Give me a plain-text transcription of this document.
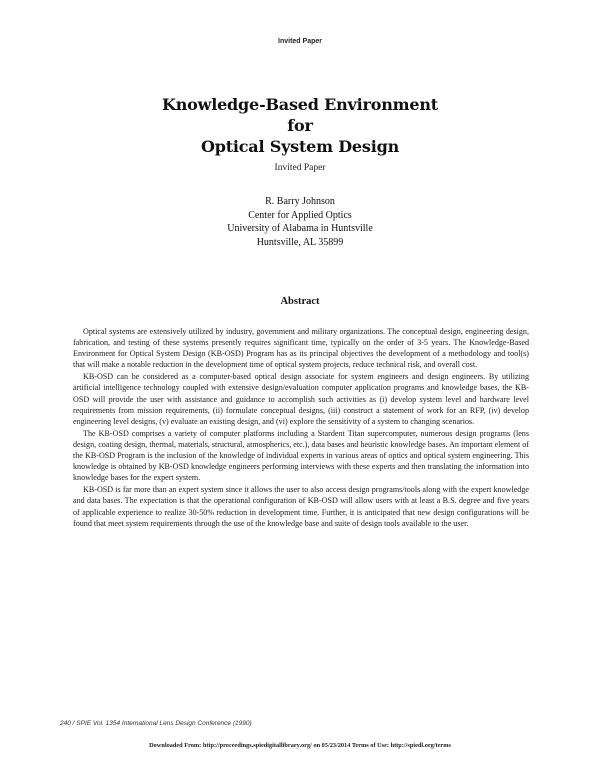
Invited Paper
Knowledge-Based Environment
for
Optical System Design
Invited Paper
R. Barry Johnson
Center for Applied Optics
University of Alabama in Huntsville
Huntsville, AL 35899
Abstract

Optical systems are extensively utilized by industry, government and military organizations. The conceptual design, engineering design, fabrication, and testing of these systems presently requires significant time, typically on the order of 3-5 years. The Knowledge-Based Environment for Optical System Design (KB-OSD) Program has as its principal objectives the development of a methodology and tool(s) that will make a notable reduction in the development time of optical system projects, reduce technical risk, and overall cost.

KB-OSD can be considered as a computer-based optical design associate for system engineers and design engineers. By utilizing artificial intelligence technology coupled with extensive design/evaluation computer application programs and knowledge bases, the KB-OSD will provide the user with assistance and guidance to accomplish such activities as (i) develop system level and hardware level requirements from mission requirements, (ii) formulate conceptual designs, (iii) construct a statement of work for an RFP, (iv) develop engineering level designs, (v) evaluate an existing design, and (vi) explore the sensitivity of a system to changing scenarios.

The KB-OSD comprises a variety of computer platforms including a Stardent Titan supercomputer, numerous design programs (lens design, coating design, thermal, materials, structural, atmospherics, etc.), data bases and heuristic knowledge bases. An important element of the KB-OSD Program is the inclusion of the knowledge of individual experts in various areas of optics and optical system engineering. This knowledge is obtained by KB-OSD knowledge engineers performing interviews with these experts and then translating the information into knowledge bases for the expert system.

KB-OSD is far more than an expert system since it allows the user to also access design programs/tools along with the expert knowledge and data bases. The expectation is that the operational configuration of KB-OSD will allow users with at least a B.S. degree and five years of applicable experience to realize 30-50% reduction in development time. Further, it is anticipated that new design configurations will be found that meet system requirements through the use of the knowledge base and suite of design tools available to the user.

240 / SPIE Vol. 1354 International Lens Design Conference (1990)
Downloaded From: http://proceedings.spiedigitallibrary.org/ on 05/23/2014 Terms of Use: http://spiedl.org/terms
